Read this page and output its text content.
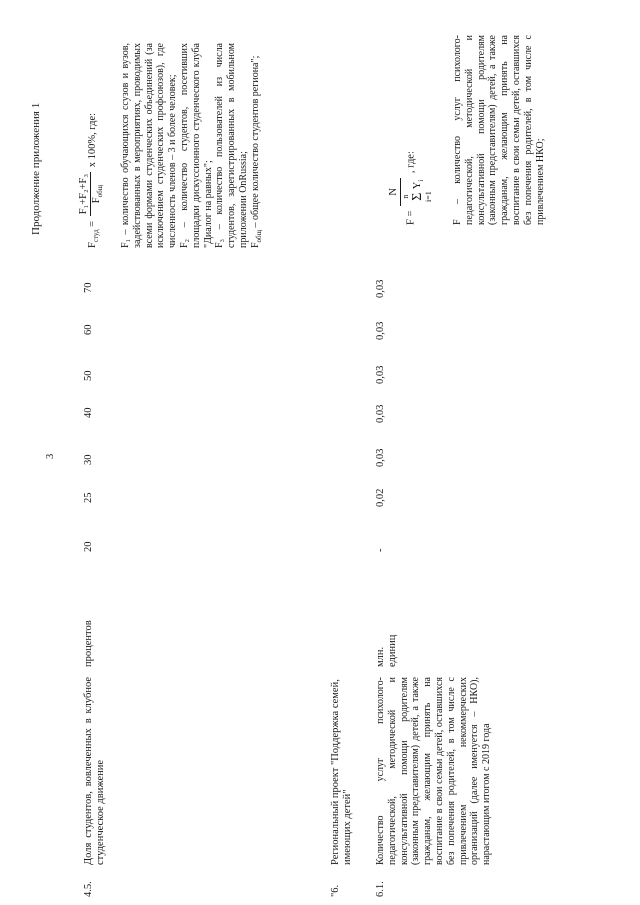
3
Продолжение приложения 1
4.5.
Доля студентов, вовлеченных в клубное студенческое движение
процентов
20
25
30
40
50
60
70
$F_{студ}$ =
F₁+F₂+F₃ $F_{общ}$
x 100%, где:	F₁ – количество обучающихся ссузов и вузов, задействованных в мероприятиях, проводимых всеми формами студенческих объединений (за исключением студенческих профсоюзов), где численность членов – 3 и более человек; F₂ – количество студентов, посетивших площадки дискуссионного студенческого клуба "Диалог на равных"; F₃ – количество пользователей из числа студентов, зарегистрированных в мобильном приложении OnRussia; $F_{общ}$ – общее количество студентов региона";
"6.
Региональный проект "Поддержка семей, имеющих детей"
6.1.
Количество услуг психолого-педагогической, методической и консультативной помощи родителям (законным представителям) детей, а также гражданам, желающим принять на воспитание в свои семьи детей, оставшихся без попечения родителей, в том числе с привлечением некоммерческих организаций (далее именуется – НКО), нарастающим итогом с 2019 года
млн. единиц
-
0,02
0,03
0,03
0,03
0,03
0,03
F =
N
n Σ i=1
$Y_i$
, где:	F – количество услуг психолого-педагогической, методической и консультативной помощи родителям (законным представителям) детей, а также гражданам, желающим принять на воспитание в свои семьи детей, оставшихся без попечения родителей, в том числе с привлечением НКО;
